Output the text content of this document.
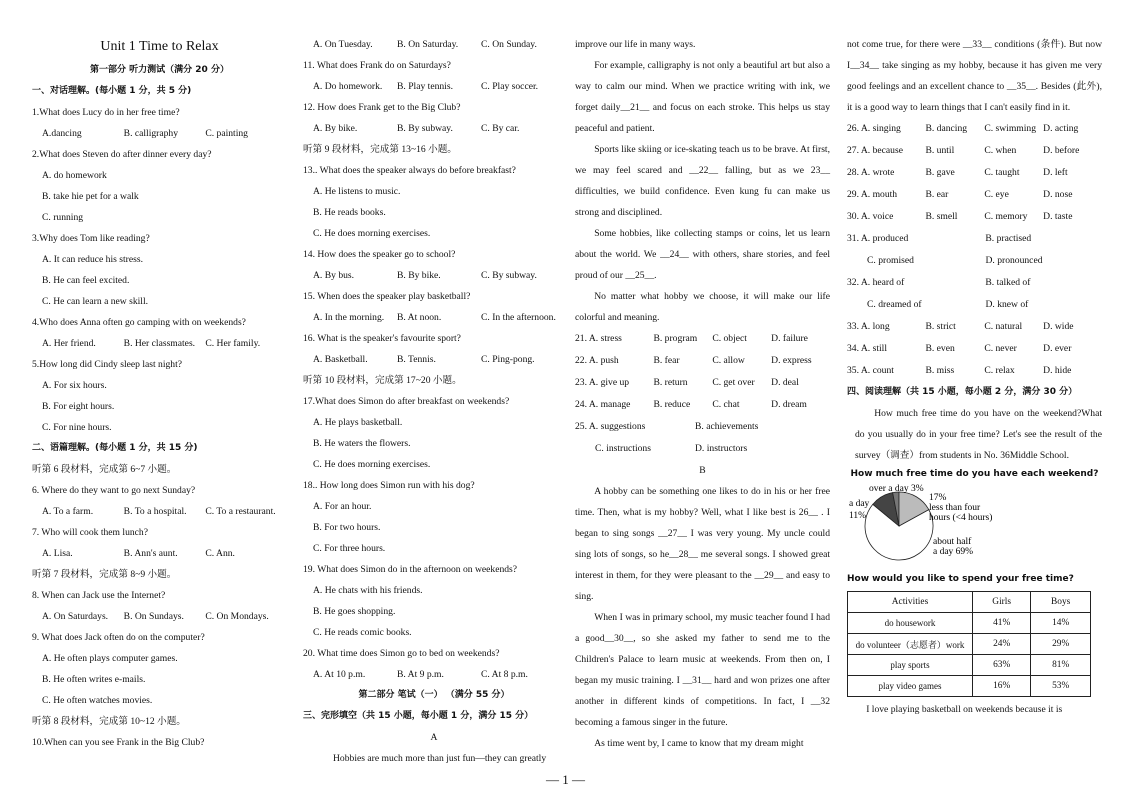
Unit 1 Time to Relax
第一部分 听力测试（满分 20 分）
一、对话理解。(每小题 1 分，共 5 分)
1.What does Lucy do in her free time?
A.dancing	B. calligraphy	C. painting
2.What does Steven do after dinner every day?
A. do homework
B. take hie pet for a walk
C. running
3.Why does Tom like reading?
A. It can reduce his stress.
B. He can feel excited.
C. He can learn a new skill.
4.Who does Anna often go camping with on weekends?
A. Her friend.	B. Her classmates.	C. Her family.
5.How long did Cindy sleep last night?
A. For six hours.
B. For eight hours.
C. For nine hours.
二、语篇理解。(每小题 1 分，共 15 分)
听第 6 段材料，完成第 6~7 小题。
6. Where do they want to go next Sunday?
A. To a farm.	B. To a hospital.	C. To a restaurant.
7. Who will cook them lunch?
A. Lisa.	B. Ann's aunt.	C. Ann.
听第 7 段材料，完成第 8~9 小题。
8. When can Jack use the Internet?
A. On Saturdays.	B. On Sundays.	C. On Mondays.
9. What does Jack often do on the computer?
A. He often plays computer games.
B. He often writes e-mails.
C. He often watches movies.
听第 8 段材料，完成第 10~12 小题。
10.When can you see Frank in the Big Club?
A. On Tuesday.	B. On Saturday.	C. On Sunday.
11. What does Frank do on Saturdays?
A. Do homework.	B. Play tennis.	C. Play soccer.
12. How does Frank get to the Big Club?
A. By bike.	B. By subway.	C. By car.
听第 9 段材料，完成第 13~16 小题。
13.. What does the speaker always do before breakfast?
A. He listens to music.
B. He reads books.
C. He does morning exercises.
14. How does the speaker go to school?
A. By bus.	B. By bike.	C. By subway.
15. When does the speaker play basketball?
A. In the morning.	B. At noon.	C. In the afternoon.
16. What is the speaker's favourite sport?
A. Basketball.	B. Tennis.	C. Ping-pong.
听第 10 段材料，完成第 17~20 小题。
17.What does Simon do after breakfast on weekends?
A. He plays basketball.
B. He waters the flowers.
C. He does morning exercises.
18.. How long does Simon run with his dog?
A. For an hour.
B. For two hours.
C. For three hours.
19. What does Simon do in the afternoon on weekends?
A. He chats with his friends.
B. He goes shopping.
C. He reads comic books.
20. What time does Simon go to bed on weekends?
A. At 10 p.m.	B. At 9 p.m.	C. At 8 p.m.
第二部分 笔试（一） （满分 55 分）
三、完形填空（共 15 小题，每小题 1 分，满分 15 分）
A
Hobbies are much more than just fun—they can greatly
improve our life in many ways.
For example, calligraphy is not only a beautiful art but also a way to calm our mind. When we practice writing with ink, we forget daily__21__ and focus on each stroke. This helps us stay peaceful and patient.
Sports like skiing or ice-skating teach us to be brave. At first, we may feel scared and __22__ falling, but as we 23__ difficulties, we build confidence. Even kung fu can make us strong and disciplined.
Some hobbies, like collecting stamps or coins, let us learn about the world. We __24__ with others, share stories, and feel proud of our __25__.
No matter what hobby we choose, it will make our life colorful and meaning.
21. A. stress	B. program	C. object	D. failure
22. A. push	B. fear	C. allow	D. express
23. A. give up	B. return	C. get over	D. deal
24. A. manage	B. reduce	C. chat	D. dream
25. A. suggestions	B. achievements
C. instructions	D. instructors
B
A hobby can be something one likes to do in his or her free time. Then, what is my hobby? Well, what I like best is 26__ . I began to sing songs __27__ I was very young. My uncle could sing lots of songs, so he__28__ me several songs. I showed great interest in them, for they were pleasant to the __29__ and easy to sing.
When I was in primary school, my music teacher found I had a good__30__, so she asked my father to send me to the Children's Palace to learn music at weekends. From then on, I began my music training. I __31__ hard and won prizes one after another in different kinds of competitions. In fact, I __32 becoming a famous singer in the future.
As time went by, I came to know that my dream might
not come true, for there were __33__ conditions (条件). But now I__34__ take singing as my hobby, because it has given me very good feelings and an excellent chance to __35__. Besides (此外), it is a good way to learn things that I can't easily find in it.
26. A. singing	B. dancing	C. swimming D. acting
27. A. because	B. until	C. when	D. before
28. A. wrote	B. gave	C. taught	D. left
29. A. mouth	B. ear	C. eye	D. nose
30. A. voice	B. smell	C. memory	D. taste
31. A. produced	B. practised
C. promised	D. pronounced
32. A. heard of	B. talked of
C. dreamed of	D. knew of
33. A. long	B. strict	C. natural	D. wide
34. A. still	B. even	C. never	D. ever
35. A. count	B. miss	C. relax	D. hide
四、阅读理解（共 15 小题，每小题 2 分，满分 30 分）
How much free time do you have on the weekend?What do you usually do in your free time? Let's see the result of the survey（调查）from students in No. 36Middle School.
How much free time do you have each weekend?
over a day 3%
a day
11%
17%
less than four
hours (<4 hours)
about half
a day 69%
How would you like to spend your free time?
Activities	Girls	Boys
do housework	41%	14%
do volunteer（志愿者）work	24%	29%
play sports	63%	81%
play video games	16%	53%
I love playing basketball on weekends because it is
— 1 —
